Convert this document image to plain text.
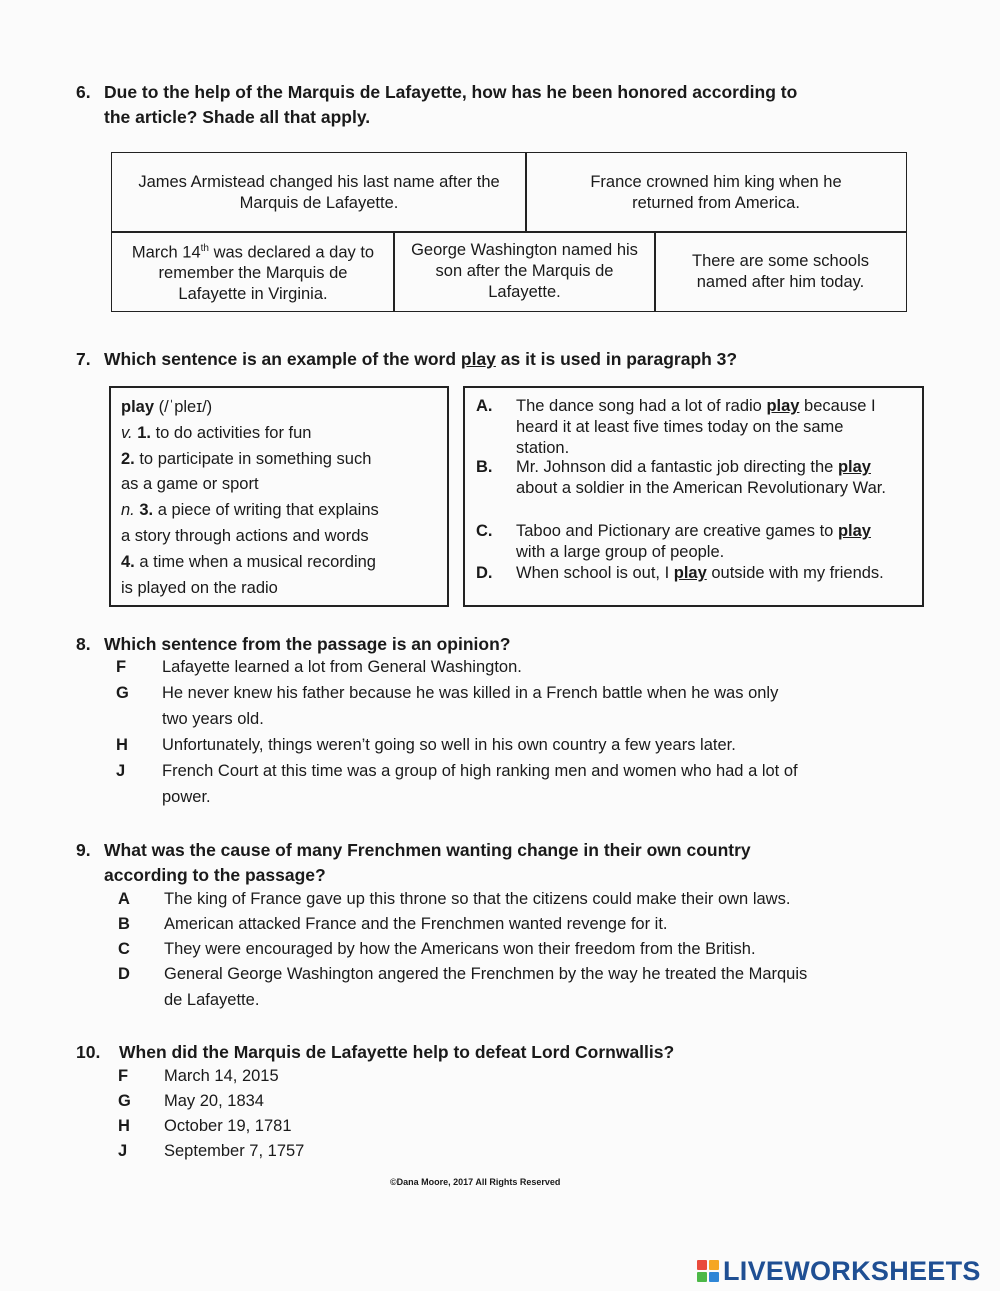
6. Due to the help of the Marquis de Lafayette, how has he been honored according to
the article? Shade all that apply.
James Armistead changed his last name after the Marquis de Lafayette.
France crowned him king when he returned from America.
March 14th was declared a day to remember the Marquis de Lafayette in Virginia.
George Washington named his son after the Marquis de Lafayette.
There are some schools named after him today.
7. Which sentence is an example of the word play as it is used in paragraph 3?
play (/ˈpleɪ/)
v. 1. to do activities for fun
2. to participate in something such
as a game or sport
n. 3. a piece of writing that explains
a story through actions and words
4. a time when a musical recording
is played on the radio
A. The dance song had a lot of radio play because I heard it at least five times today on the same station.
B. Mr. Johnson did a fantastic job directing the play about a soldier in the American Revolutionary War.
C. Taboo and Pictionary are creative games to play with a large group of people.
D. When school is out, I play outside with my friends.
8. Which sentence from the passage is an opinion?
F Lafayette learned a lot from General Washington.
G He never knew his father because he was killed in a French battle when he was only
two years old.
H Unfortunately, things weren’t going so well in his own country a few years later.
J French Court at this time was a group of high ranking men and women who had a lot of
power.
9. What was the cause of many Frenchmen wanting change in their own country
according to the passage?
A The king of France gave up this throne so that the citizens could make their own laws.
B American attacked France and the Frenchmen wanted revenge for it.
C They were encouraged by how the Americans won their freedom from the British.
D General George Washington angered the Frenchmen by the way he treated the Marquis
de Lafayette.
10. When did the Marquis de Lafayette help to defeat Lord Cornwallis?
F March 14, 2015
G May 20, 1834
H October 19, 1781
J September 7, 1757
©Dana Moore, 2017 All Rights Reserved
LIVEWORKSHEETS
